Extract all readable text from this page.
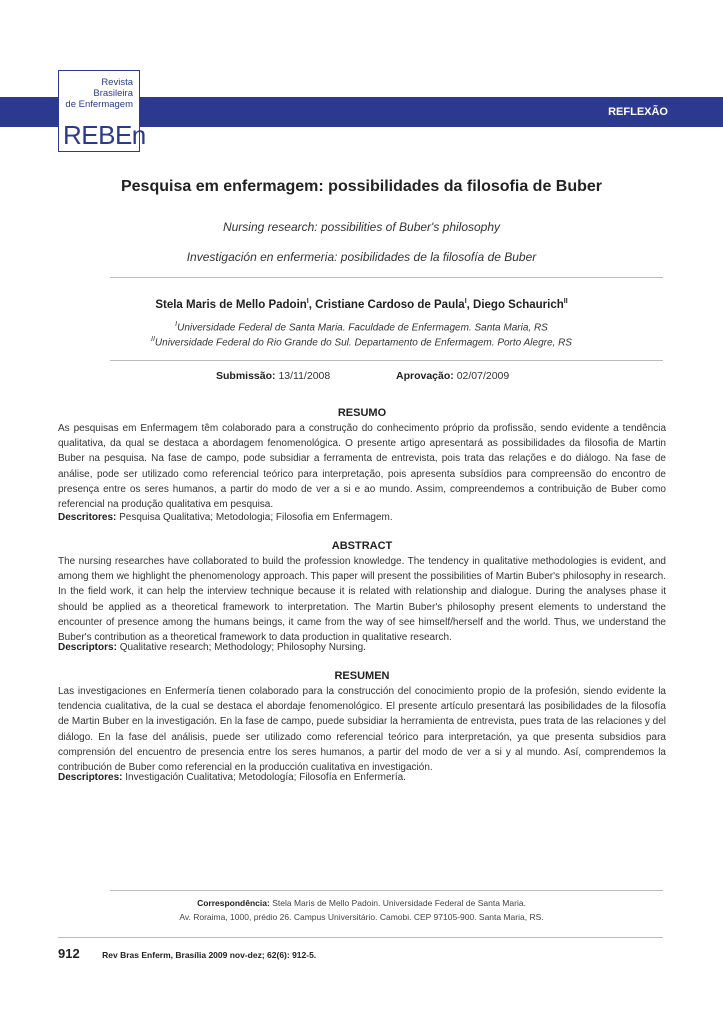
Revista
Brasileira
de Enfermagem
REBEn
REFLEXÃO
Pesquisa em enfermagem: possibilidades da filosofia de Buber
Nursing research: possibilities of Buber's philosophy
Investigación en enfermeria: posibilidades de la filosofía de Buber
Stela Maris de Mello Padoin$^I$, Cristiane Cardoso de Paula$^I$, Diego Schaurich$^{II}$
$^I$Universidade Federal de Santa Maria. Faculdade de Enfermagem. Santa Maria, RS
$^{II}$Universidade Federal do Rio Grande do Sul. Departamento de Enfermagem. Porto Alegre, RS
Submissão: 13/11/2008	Aprovação: 02/07/2009
RESUMO
As pesquisas em Enfermagem têm colaborado para a construção do conhecimento próprio da profissão, sendo evidente a tendência qualitativa, da qual se destaca a abordagem fenomenológica. O presente artigo apresentará as possibilidades da filosofia de Martin Buber na pesquisa. Na fase de campo, pode subsidiar a ferramenta de entrevista, pois trata das relações e do diálogo. Na fase de análise, pode ser utilizado como referencial teórico para interpretação, pois apresenta subsídios para compreensão do encontro de presença entre os seres humanos, a partir do modo de ver a si e ao mundo. Assim, compreendemos a contribuição de Buber como referencial na produção qualitativa em pesquisa.
Descritores: Pesquisa Qualitativa; Metodologia; Filosofia em Enfermagem.
ABSTRACT
The nursing researches have collaborated to build the profession knowledge. The tendency in qualitative methodologies is evident, and among them we highlight the phenomenology approach. This paper will present the possibilities of Martin Buber's philosophy in research. In the field work, it can help the interview technique because it is related with relationship and dialogue. During the analyses phase it should be applied as a theoretical framework to interpretation. The Martin Buber's philosophy present elements to understand the encounter of presence among the humans beings, it came from the way of see himself/herself and the world. Thus, we understand the Buber's contribution as a theoretical framework to data production in qualitative research.
Descriptors: Qualitative research; Methodology; Philosophy Nursing.
RESUMEN
Las investigaciones en Enfermería tienen colaborado para la construcción del conocimiento propio de la profesión, siendo evidente la tendencia cualitativa, de la cual se destaca el abordaje fenomenológico. El presente artículo presentará las posibilidades de la filosofía de Martin Buber en la investigación. En la fase de campo, puede subsidiar la herramienta de entrevista, pues trata de las relaciones y del diálogo. En la fase del análisis, puede ser utilizado como referencial teórico para interpretación, ya que presenta subsidios para comprensión del encuentro de presencia entre los seres humanos, a partir del modo de ver a si y al mundo. Así, comprendemos la contribución de Buber como referencial en la producción cualitativa en investigación.
Descriptores: Investigación Cualitativa; Metodología; Filosofía en Enfermería.
Correspondência: Stela Maris de Mello Padoin. Universidade Federal de Santa Maria.
Av. Roraima, 1000, prédio 26. Campus Universitário. Camobi. CEP 97105-900. Santa Maria, RS.
912	Rev Bras Enferm, Brasília 2009 nov-dez; 62(6): 912-5.
